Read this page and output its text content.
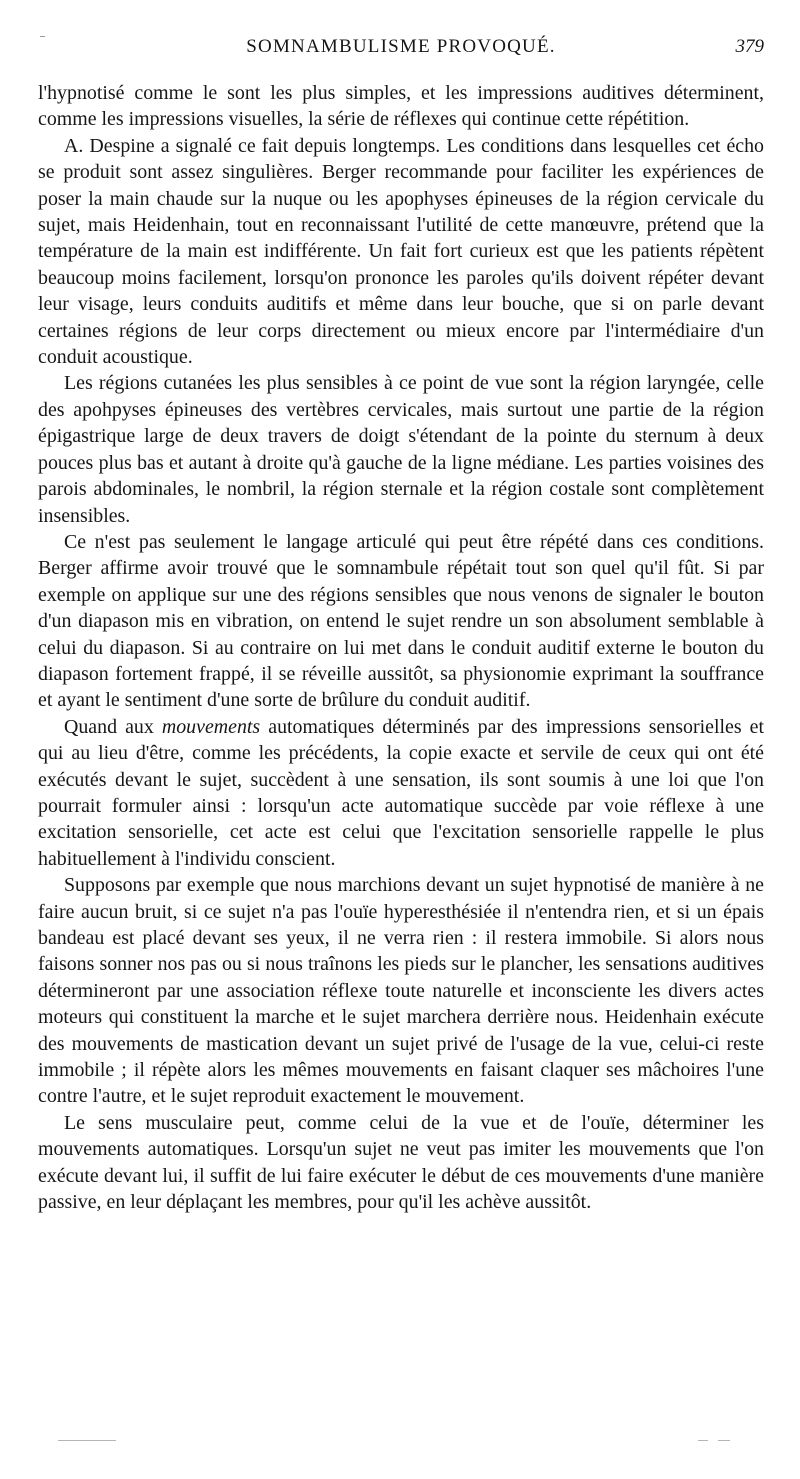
SOMNAMBULISME PROVOQUÉ.	379

l'hypnotisé comme le sont les plus simples, et les impressions auditives déterminent, comme les impressions visuelles, la série de réflexes qui continue cette répétition.

A. Despine a signalé ce fait depuis longtemps. Les conditions dans lesquelles cet écho se produit sont assez singulières. Berger recommande pour faciliter les expériences de poser la main chaude sur la nuque ou les apophyses épineuses de la région cervicale du sujet, mais Heidenhain, tout en reconnaissant l'utilité de cette manœuvre, prétend que la température de la main est indifférente. Un fait fort curieux est que les patients répètent beaucoup moins facilement, lorsqu'on prononce les paroles qu'ils doivent répéter devant leur visage, leurs conduits auditifs et même dans leur bouche, que si on parle devant certaines régions de leur corps directement ou mieux encore par l'intermédiaire d'un conduit acoustique.

Les régions cutanées les plus sensibles à ce point de vue sont la région laryngée, celle des apohpyses épineuses des vertèbres cervicales, mais surtout une partie de la région épigastrique large de deux travers de doigt s'étendant de la pointe du sternum à deux pouces plus bas et autant à droite qu'à gauche de la ligne médiane. Les parties voisines des parois abdominales, le nombril, la région sternale et la région costale sont complètement insensibles.

Ce n'est pas seulement le langage articulé qui peut être répété dans ces conditions. Berger affirme avoir trouvé que le somnambule répétait tout son quel qu'il fût. Si par exemple on applique sur une des régions sensibles que nous venons de signaler le bouton d'un diapason mis en vibration, on entend le sujet rendre un son absolument semblable à celui du diapason. Si au contraire on lui met dans le conduit auditif externe le bouton du diapason fortement frappé, il se réveille aussitôt, sa physionomie exprimant la souffrance et ayant le sentiment d'une sorte de brûlure du conduit auditif.

Quand aux mouvements automatiques déterminés par des impressions sensorielles et qui au lieu d'être, comme les précédents, la copie exacte et servile de ceux qui ont été exécutés devant le sujet, succèdent à une sensation, ils sont soumis à une loi que l'on pourrait formuler ainsi : lorsqu'un acte automatique succède par voie réflexe à une excitation sensorielle, cet acte est celui que l'excitation sensorielle rappelle le plus habituellement à l'individu conscient.

Supposons par exemple que nous marchions devant un sujet hypnotisé de manière à ne faire aucun bruit, si ce sujet n'a pas l'ouïe hyperesthésiée il n'entendra rien, et si un épais bandeau est placé devant ses yeux, il ne verra rien : il restera immobile. Si alors nous faisons sonner nos pas ou si nous traînons les pieds sur le plancher, les sensations auditives détermineront par une association réflexe toute naturelle et inconsciente les divers actes moteurs qui constituent la marche et le sujet marchera derrière nous. Heidenhain exécute des mouvements de mastication devant un sujet privé de l'usage de la vue, celui-ci reste immobile ; il répète alors les mêmes mouvements en faisant claquer ses mâchoires l'une contre l'autre, et le sujet reproduit exactement le mouvement.

Le sens musculaire peut, comme celui de la vue et de l'ouïe, déterminer les mouvements automatiques. Lorsqu'un sujet ne veut pas imiter les mouvements que l'on exécute devant lui, il suffit de lui faire exécuter le début de ces mouvements d'une manière passive, en leur déplaçant les membres, pour qu'il les achève aussitôt.
